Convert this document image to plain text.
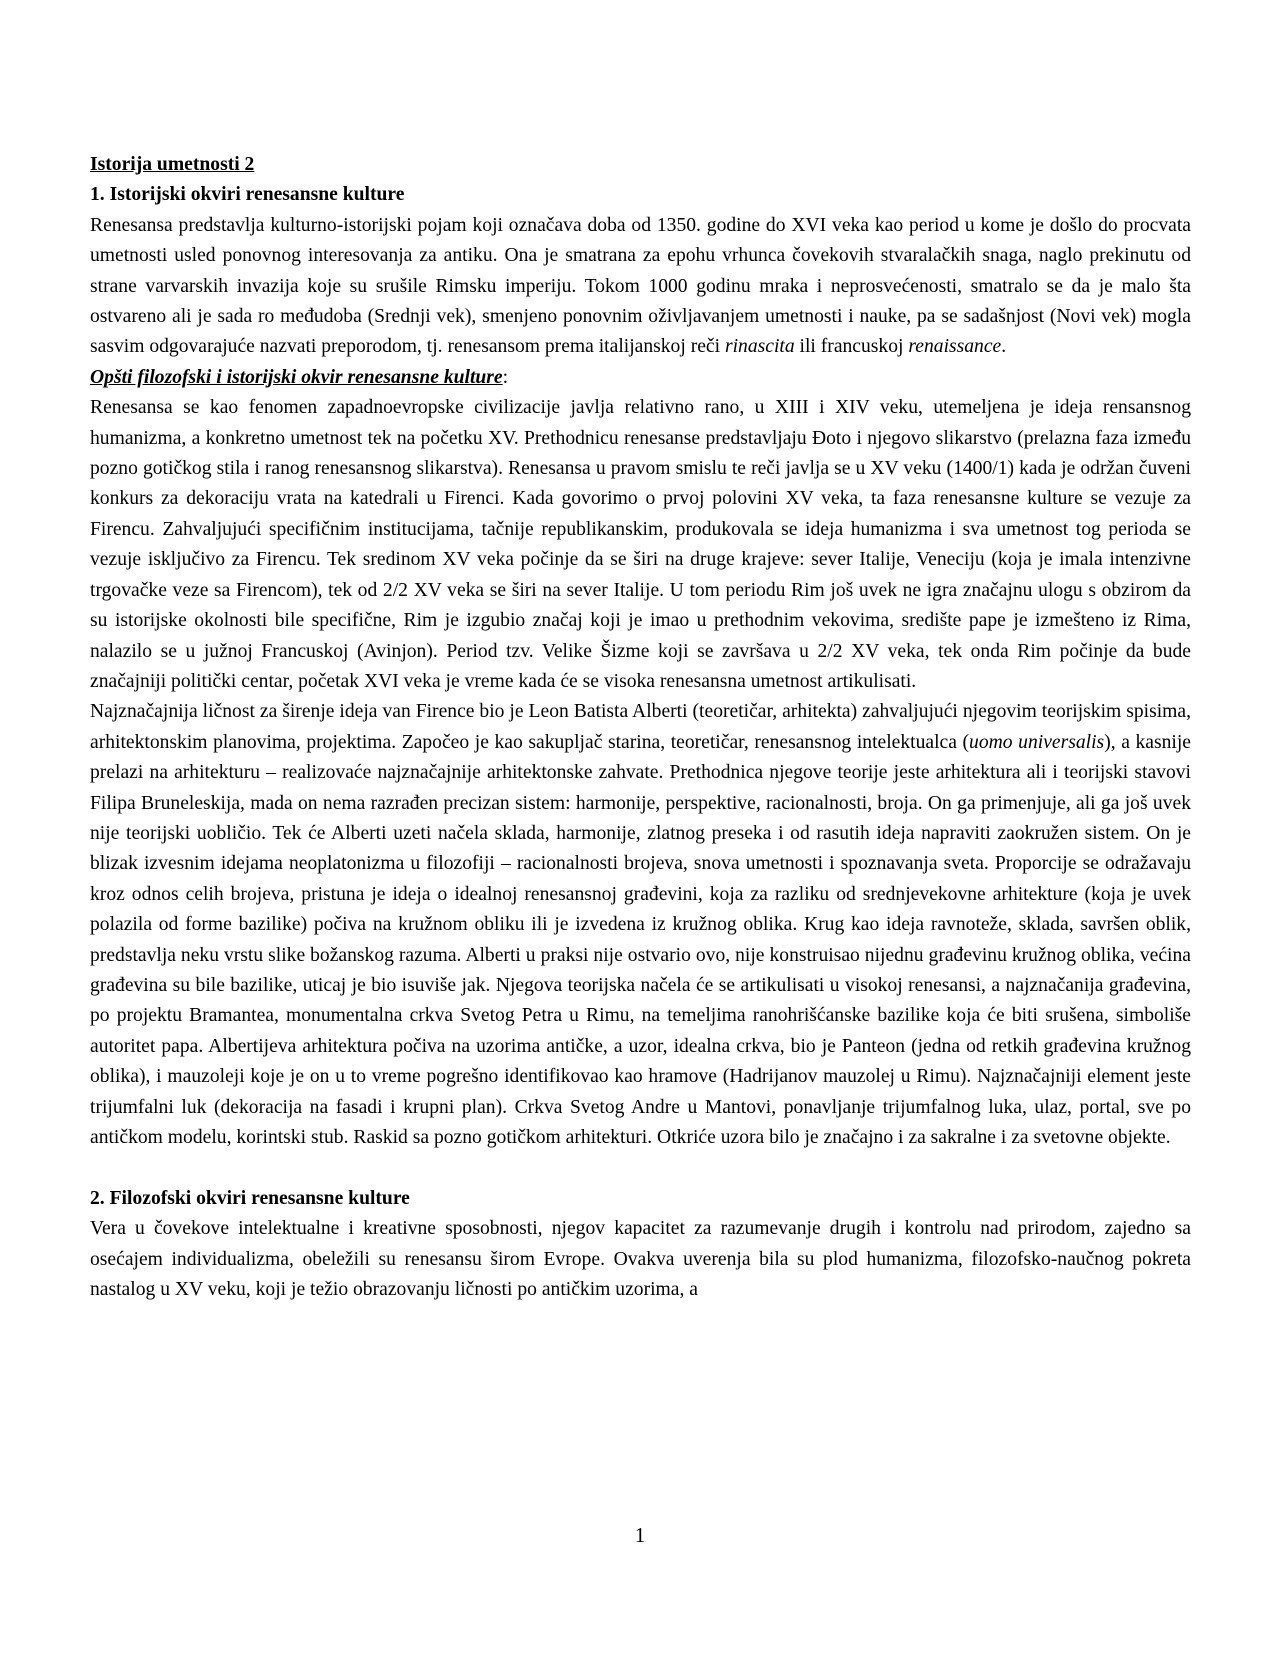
Istorija umetnosti 2

1. Istorijski okviri renesansne kulture

Renesansa predstavlja kulturno-istorijski pojam koji označava doba od 1350. godine do XVI veka kao period u kome je došlo do procvata umetnosti usled ponovnog interesovanja za antiku. Ona je smatrana za epohu vrhunca čovekovih stvaralačkih snaga, naglo prekinutu od strane varvarskih invazija koje su srušile Rimsku imperiju. Tokom 1000 godinu mraka i neprosvećenosti, smatralo se da je malo šta ostvareno ali je sada ro međudoba (Srednji vek), smenjeno ponovnim oživljavanjem umetnosti i nauke, pa se sadašnjost (Novi vek) mogla sasvim odgovarajuće nazvati preporodom, tj. renesansom prema italijanskoj reči rinascita ili francuskoj renaissance.

Opšti filozofski i istorijski okvir renesansne kulture:

Renesansa se kao fenomen zapadnoevropske civilizacije javlja relativno rano, u XIII i XIV veku, utemeljena je ideja rensansnog humanizma, a konkretno umetnost tek na početku XV. Prethodnicu renesanse predstavljaju Đoto i njegovo slikarstvo (prelazna faza između pozno gotičkog stila i ranog renesansnog slikarstva). Renesansa u pravom smislu te reči javlja se u XV veku (1400/1) kada je održan čuveni konkurs za dekoraciju vrata na katedrali u Firenci. Kada govorimo o prvoj polovini XV veka, ta faza renesansne kulture se vezuje za Firencu. Zahvaljujući specifičnim institucijama, tačnije republikanskim, produkovala se ideja humanizma i sva umetnost tog perioda se vezuje isključivo za Firencu. Tek sredinom XV veka počinje da se širi na druge krajeve: sever Italije, Veneciju (koja je imala intenzivne trgovačke veze sa Firencom), tek od 2/2 XV veka se širi na sever Italije. U tom periodu Rim još uvek ne igra značajnu ulogu s obzirom da su istorijske okolnosti bile specifične, Rim je izgubio značaj koji je imao u prethodnim vekovima, središte pape je izmešteno iz Rima, nalazilo se u južnoj Francuskoj (Avinjon). Period tzv. Velike Šizme koji se završava u 2/2 XV veka, tek onda Rim počinje da bude značajniji politički centar, početak XVI veka je vreme kada će se visoka renesansna umetnost artikulisati.

Najznačajnija ličnost za širenje ideja van Firence bio je Leon Batista Alberti (teoretičar, arhitekta) zahvaljujući njegovim teorijskim spisima, arhitektonskim planovima, projektima. Započeo je kao sakupljač starina, teoretičar, renesansnog intelektualca (uomo universalis), a kasnije prelazi na arhitekturu – realizovaće najznačajnije arhitektonske zahvate. Prethodnica njegove teorije jeste arhitektura ali i teorijski stavovi Filipa Bruneleskija, mada on nema razrađen precizan sistem: harmonije, perspektive, racionalnosti, broja. On ga primenjuje, ali ga još uvek nije teorijski uobličio. Tek će Alberti uzeti načela sklada, harmonije, zlatnog preseka i od rasutih ideja napraviti zaokružen sistem. On je blizak izvesnim idejama neoplatonizma u filozofiji – racionalnosti brojeva, snova umetnosti i spoznavanja sveta. Proporcije se odražavaju kroz odnos celih brojeva, pristuna je ideja o idealnoj renesansnoj građevini, koja za razliku od srednjevekovne arhitekture (koja je uvek polazila od forme bazilike) počiva na kružnom obliku ili je izvedena iz kružnog oblika. Krug kao ideja ravnoteže, sklada, savršen oblik, predstavlja neku vrstu slike božanskog razuma. Alberti u praksi nije ostvario ovo, nije konstruisao nijednu građevinu kružnog oblika, većina građevina su bile bazilike, uticaj je bio isuviše jak. Njegova teorijska načela će se artikulisati u visokoj renesansi, a najznačanija građevina, po projektu Bramantea, monumentalna crkva Svetog Petra u Rimu, na temeljima ranohrišćanske bazilike koja će biti srušena, simboliše autoritet papa. Albertijeva arhitektura počiva na uzorima antičke, a uzor, idealna crkva, bio je Panteon (jedna od retkih građevina kružnog oblika), i mauzoleji koje je on u to vreme pogrešno identifikovao kao hramove (Hadrijanov mauzolej u Rimu). Najznačajniji element jeste trijumfalni luk (dekoracija na fasadi i krupni plan). Crkva Svetog Andre u Mantovi, ponavljanje trijumfalnog luka, ulaz, portal, sve po antičkom modelu, korintski stub. Raskid sa pozno gotičkom arhitekturi. Otkriće uzora bilo je značajno i za sakralne i za svetovne objekte.

2. Filozofski okviri renesansne kulture

Vera u čovekove intelektualne i kreativne sposobnosti, njegov kapacitet za razumevanje drugih i kontrolu nad prirodom, zajedno sa osećajem individualizma, obeležili su renesansu širom Evrope. Ovakva uverenja bila su plod humanizma, filozofsko-naučnog pokreta nastalog u XV veku, koji je težio obrazovanju ličnosti po antičkim uzorima, a

1
